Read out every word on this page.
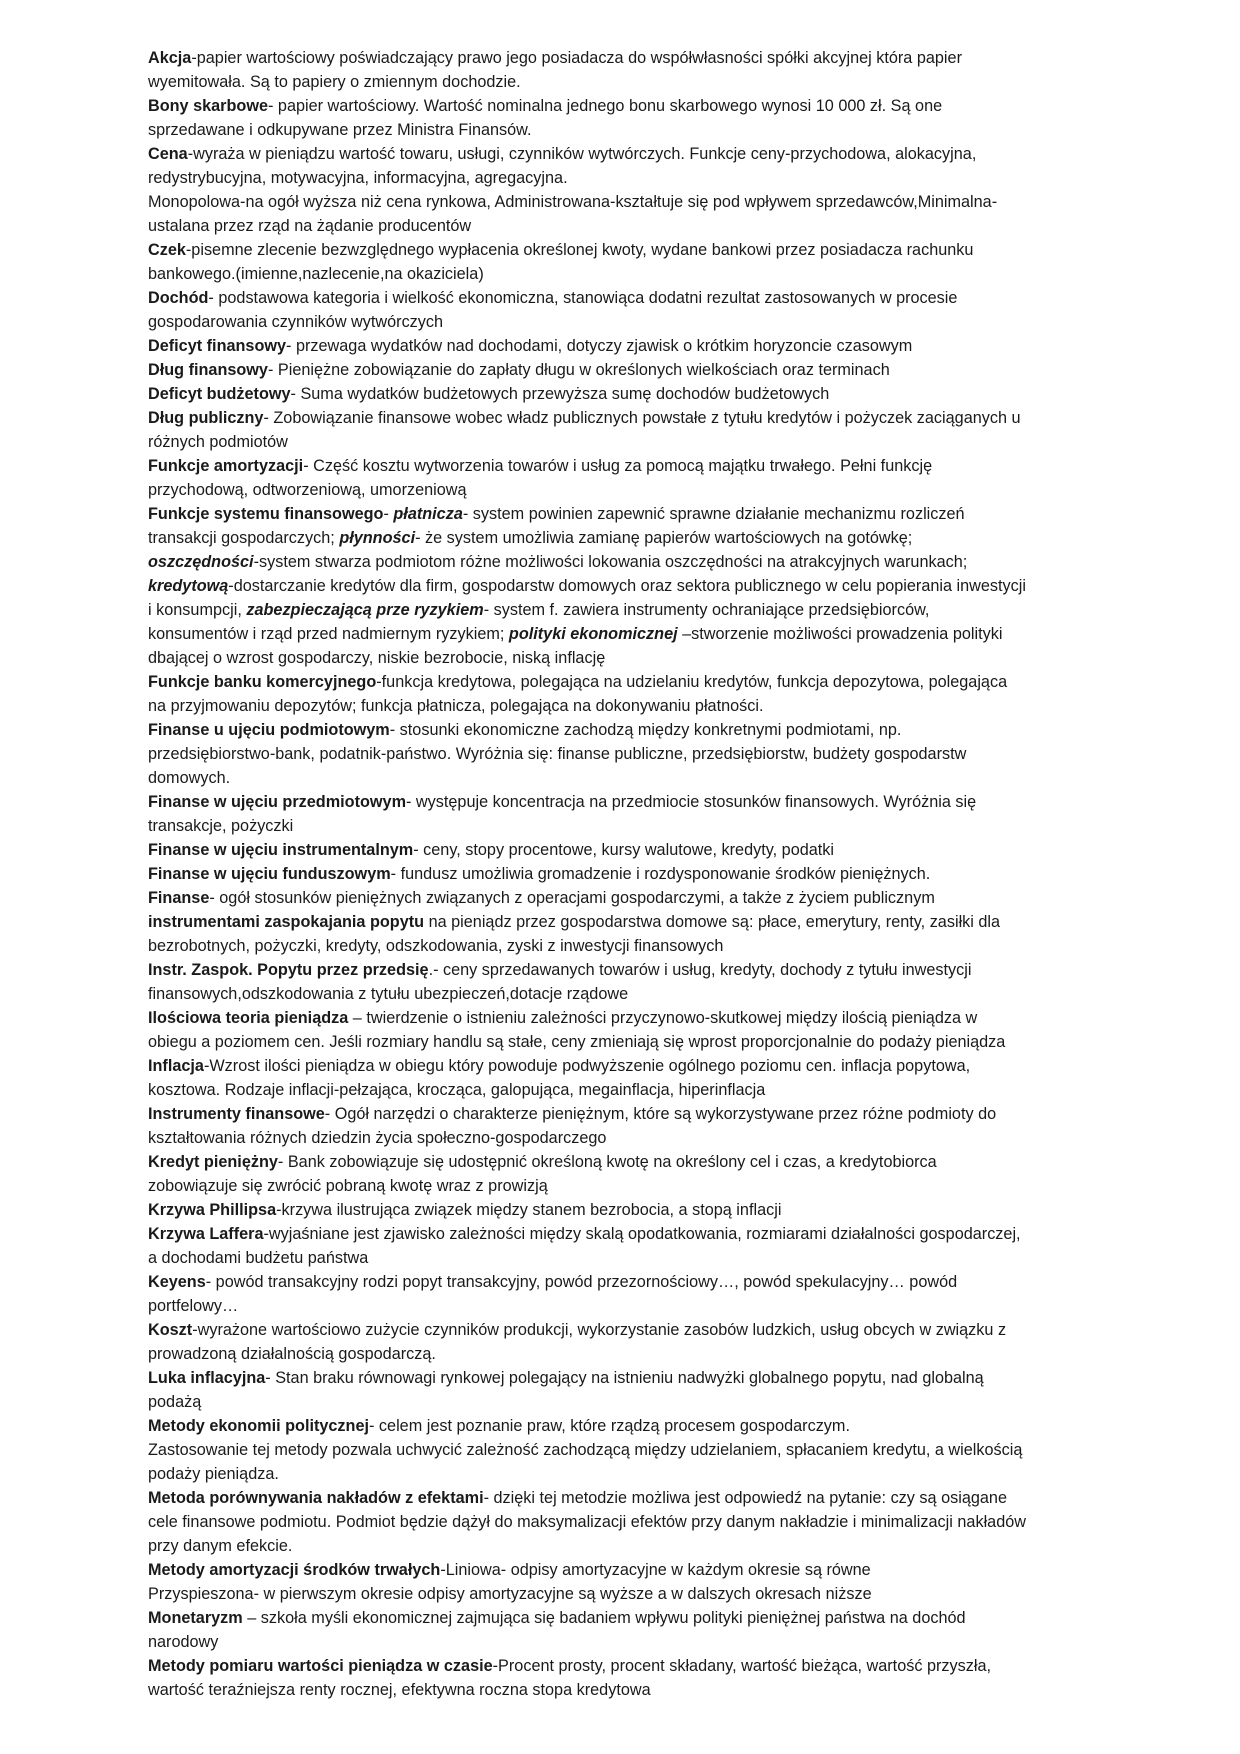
Akcja-papier wartościowy poświadczający prawo jego posiadacza do współwłasności spółki akcyjnej która papier wyemitowała. Są to papiery o zmiennym dochodzie.

Bony skarbowe- papier wartościowy. Wartość nominalna jednego bonu skarbowego wynosi 10 000 zł. Są one sprzedawane i odkupywane przez Ministra Finansów.

Cena-wyraża w pieniądzu wartość towaru, usługi, czynników wytwórczych. Funkcje ceny-przychodowa, alokacyjna, redystrybucyjna, motywacyjna, informacyjna, agregacyjna.

Monopolowa-na ogół wyższa niż cena rynkowa, Administrowana-kształtuje się pod wpływem sprzedawców,Minimalna-ustalana przez rząd na żądanie producentów

Czek-pisemne zlecenie bezwzględnego wypłacenia określonej kwoty, wydane bankowi przez posiadacza rachunku bankowego.(imienne,nazlecenie,na okaziciela)

Dochód- podstawowa kategoria i wielkość ekonomiczna, stanowiąca dodatni rezultat zastosowanych w procesie gospodarowania czynników wytwórczych

Deficyt finansowy- przewaga wydatków nad dochodami, dotyczy zjawisk o krótkim horyzoncie czasowym

Dług finansowy- Pieniężne zobowiązanie do zapłaty długu w określonych wielkościach oraz terminach

Deficyt budżetowy- Suma wydatków budżetowych przewyższa sumę dochodów budżetowych

Dług publiczny- Zobowiązanie finansowe wobec władz publicznych powstałe z tytułu kredytów i pożyczek zaciąganych u różnych podmiotów

Funkcje amortyzacji- Część kosztu wytworzenia towarów i usług za pomocą majątku trwałego. Pełni funkcję przychodową, odtworzeniową, umorzeniową

Funkcje systemu finansowego- płatnicza- system powinien zapewnić sprawne działanie mechanizmu rozliczeń transakcji gospodarczych; płynności- że system umożliwia zamianę papierów wartościowych na gotówkę; oszczędności-system stwarza podmiotom różne możliwości lokowania oszczędności na atrakcyjnych warunkach; kredytową-dostarczanie kredytów dla firm, gospodarstw domowych oraz sektora publicznego w celu popierania inwestycji i konsumpcji, zabezpieczającą prze ryzykiem- system f. zawiera instrumenty ochraniające przedsiębiorców, konsumentów i rząd przed nadmiernym ryzykiem; polityki ekonomicznej –stworzenie możliwości prowadzenia polityki dbającej o wzrost gospodarczy, niskie bezrobocie, niską inflację

Funkcje banku komercyjnego-funkcja kredytowa, polegająca na udzielaniu kredytów, funkcja depozytowa, polegająca na przyjmowaniu depozytów; funkcja płatnicza, polegająca na dokonywaniu płatności.

Finanse u ujęciu podmiotowym- stosunki ekonomiczne zachodzą między konkretnymi podmiotami, np. przedsiębiorstwo-bank, podatnik-państwo. Wyróżnia się: finanse publiczne, przedsiębiorstw, budżety gospodarstw domowych.

Finanse w ujęciu przedmiotowym- występuje koncentracja na przedmiocie stosunków finansowych. Wyróżnia się transakcje, pożyczki

Finanse w ujęciu instrumentalnym- ceny, stopy procentowe, kursy walutowe, kredyty, podatki

Finanse w ujęciu funduszowym- fundusz umożliwia gromadzenie i rozdysponowanie środków pieniężnych.

Finanse- ogół stosunków pieniężnych związanych z operacjami gospodarczymi, a także z życiem publicznym

instrumentami zaspokajania popytu na pieniądz przez gospodarstwa domowe są: płace, emerytury, renty, zasiłki dla bezrobotnych, pożyczki, kredyty, odszkodowania, zyski z inwestycji finansowych

Instr. Zaspok. Popytu przez przedsię.- ceny sprzedawanych towarów i usług, kredyty, dochody z tytułu inwestycji finansowych,odszkodowania z tytułu ubezpieczeń,dotacje rządowe

Ilościowa teoria pieniądza – twierdzenie o istnieniu zależności przyczynowo-skutkowej między ilością pieniądza w obiegu a poziomem cen. Jeśli rozmiary handlu są stałe, ceny zmieniają się wprost proporcjonalnie do podaży pieniądza

Inflacja-Wzrost ilości pieniądza w obiegu który powoduje podwyższenie ogólnego poziomu cen. inflacja popytowa, kosztowa. Rodzaje inflacji-pełzająca, krocząca, galopująca, megainflacja, hiperinflacja

Instrumenty finansowe- Ogół narzędzi o charakterze pieniężnym, które są wykorzystywane przez różne podmioty do kształtowania różnych dziedzin życia społeczno-gospodarczego

Kredyt pieniężny- Bank zobowiązuje się udostępnić określoną kwotę na określony cel i czas, a kredytobiorca zobowiązuje się zwrócić pobraną kwotę wraz z prowizją

Krzywa Phillipsa-krzywa ilustrująca związek między stanem bezrobocia, a stopą inflacji

Krzywa Laffera-wyjaśniane jest zjawisko zależności między skalą opodatkowania, rozmiarami działalności gospodarczej, a dochodami budżetu państwa

Keyens- powód transakcyjny rodzi popyt transakcyjny, powód przezornościowy…, powód spekulacyjny… powód portfelowy…

Koszt-wyrażone wartościowo zużycie czynników produkcji, wykorzystanie zasobów ludzkich, usług obcych w związku z prowadzoną działalnością gospodarczą.

Luka inflacyjna- Stan braku równowagi rynkowej polegający na istnieniu nadwyżki globalnego popytu, nad globalną podażą

Metody ekonomii politycznej- celem jest poznanie praw, które rządzą procesem gospodarczym.

Zastosowanie tej metody pozwala uchwycić zależność zachodzącą między udzielaniem, spłacaniem kredytu, a wielkością podaży pieniądza.

Metoda porównywania nakładów z efektami- dzięki tej metodzie możliwa jest odpowiedź na pytanie: czy są osiągane cele finansowe podmiotu. Podmiot będzie dążył do maksymalizacji efektów przy danym nakładzie i minimalizacji nakładów przy danym efekcie.

Metody amortyzacji środków trwałych-Liniowa- odpisy amortyzacyjne w każdym okresie są równe

Przyspieszona- w pierwszym okresie odpisy amortyzacyjne są wyższe a w dalszych okresach niższe

Monetaryzm – szkoła myśli ekonomicznej zajmująca się badaniem wpływu polityki pieniężnej państwa na dochód narodowy

Metody pomiaru wartości pieniądza w czasie-Procent prosty, procent składany, wartość bieżąca, wartość przyszła, wartość teraźniejsza renty rocznej, efektywna roczna stopa kredytowa
